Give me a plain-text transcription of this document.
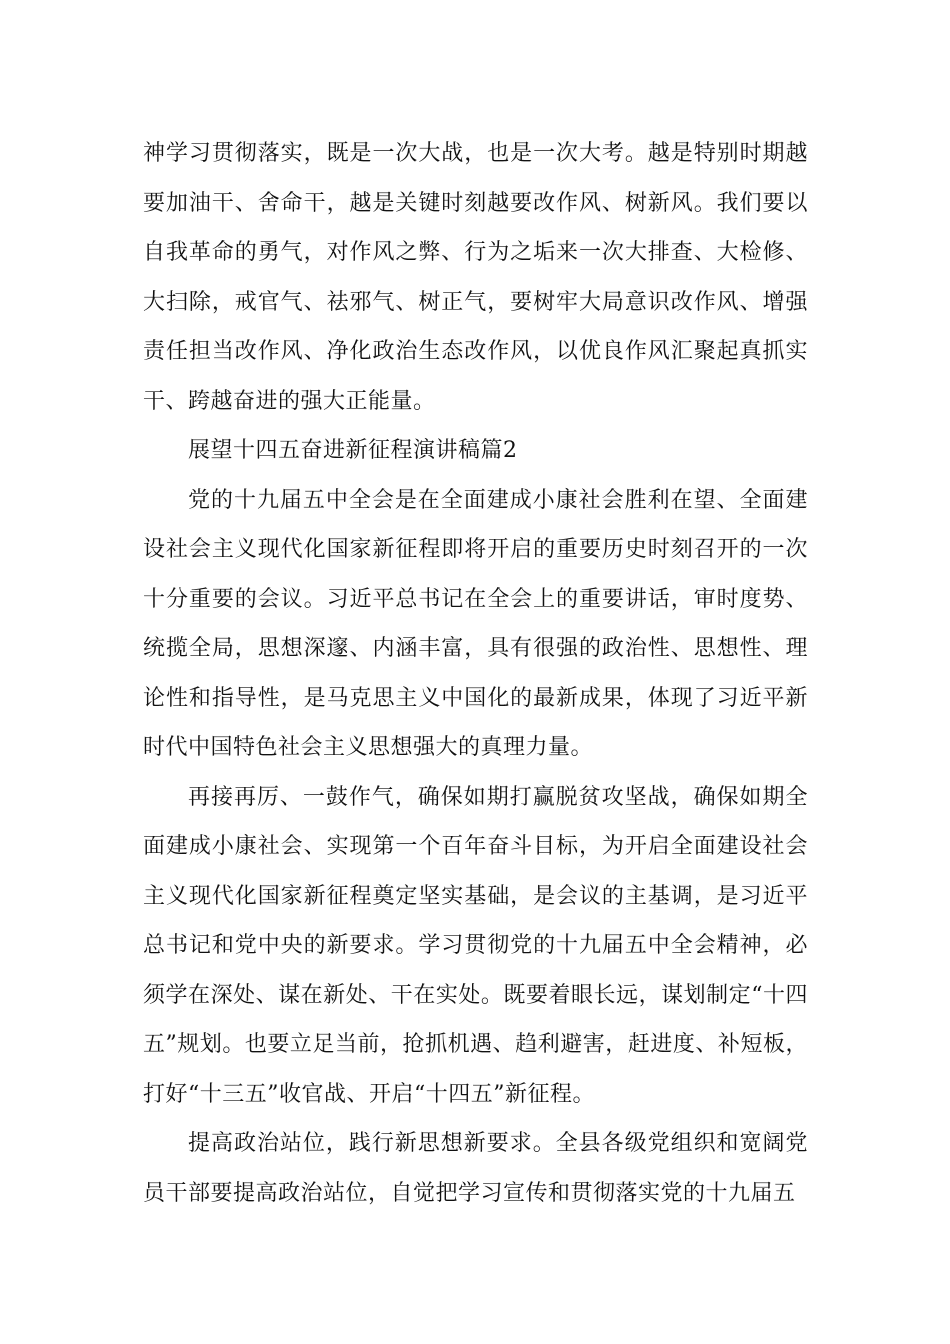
神学习贯彻落实，既是一次大战，也是一次大考。越是特别时期越要加油干、舍命干，越是关键时刻越要改作风、树新风。我们要以自我革命的勇气，对作风之弊、行为之垢来一次大排查、大检修、大扫除，戒官气、祛邪气、树正气，要树牢大局意识改作风、增强责任担当改作风、净化政治生态改作风，以优良作风汇聚起真抓实干、跨越奋进的强大正能量。

展望十四五奋进新征程演讲稿篇2

党的十九届五中全会是在全面建成小康社会胜利在望、全面建设社会主义现代化国家新征程即将开启的重要历史时刻召开的一次十分重要的会议。习近平总书记在全会上的重要讲话，审时度势、统揽全局，思想深邃、内涵丰富，具有很强的政治性、思想性、理论性和指导性，是马克思主义中国化的最新成果，体现了习近平新时代中国特色社会主义思想强大的真理力量。

再接再厉、一鼓作气，确保如期打赢脱贫攻坚战，确保如期全面建成小康社会、实现第一个百年奋斗目标，为开启全面建设社会主义现代化国家新征程奠定坚实基础，是会议的主基调，是习近平总书记和党中央的新要求。学习贯彻党的十九届五中全会精神，必须学在深处、谋在新处、干在实处。既要着眼长远，谋划制定“十四五”规划。也要立足当前，抢抓机遇、趋利避害，赶进度、补短板，打好“十三五”收官战、开启“十四五”新征程。

提高政治站位，践行新思想新要求。全县各级党组织和宽阔党员干部要提高政治站位，自觉把学习宣传和贯彻落实党的十九届五
